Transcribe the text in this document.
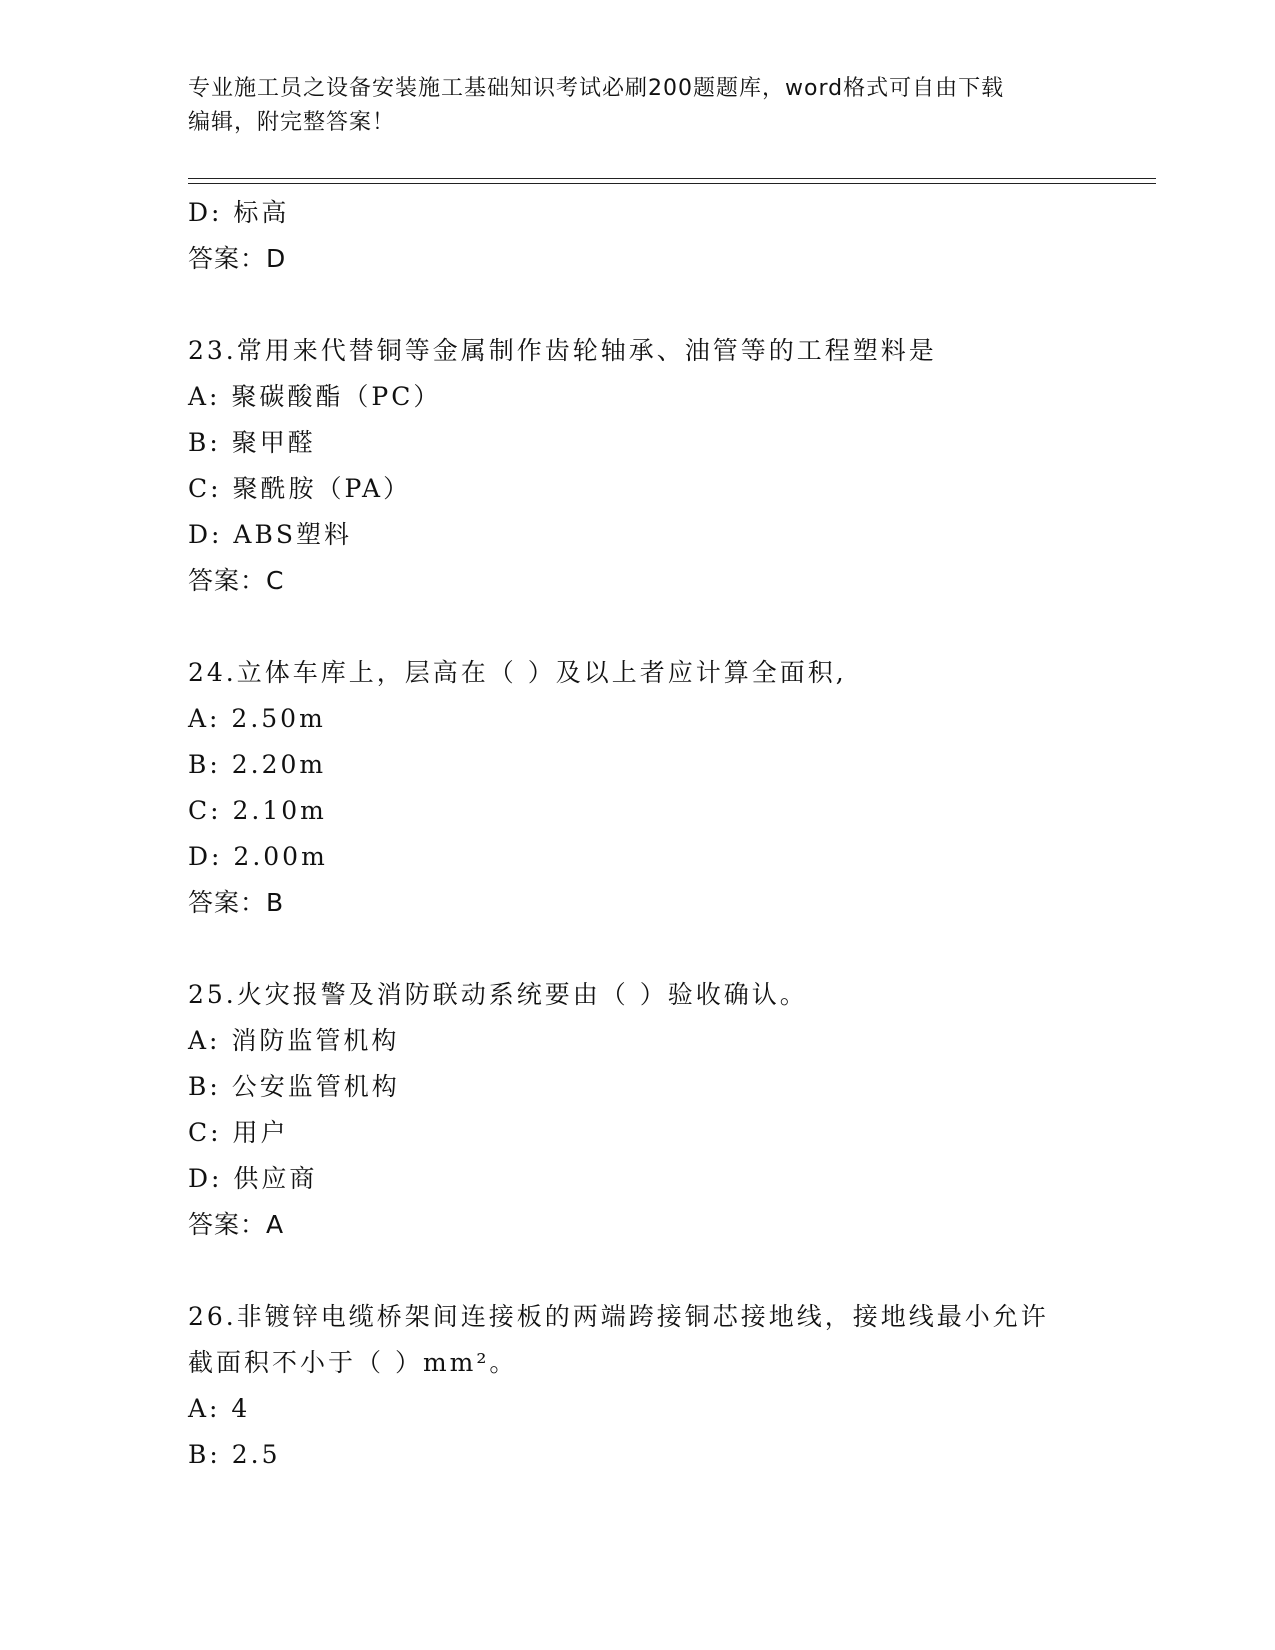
专业施工员之设备安装施工基础知识考试必刷200题题库，word格式可自由下载
编辑，附完整答案！
D: 标高
答案：D
23.常用来代替铜等金属制作齿轮轴承、油管等的工程塑料是
A: 聚碳酸酯（PC）
B: 聚甲醛
C: 聚酰胺（PA）
D: ABS塑料
答案：C
24.立体车库上，层高在（ ）及以上者应计算全面积,
A: 2.50m
B: 2.20m
C: 2.10m
D: 2.00m
答案：B
25.火灾报警及消防联动系统要由（ ）验收确认。
A: 消防监管机构
B: 公安监管机构
C: 用户
D: 供应商
答案：A
26.非镀锌电缆桥架间连接板的两端跨接铜芯接地线，接地线最小允许
截面积不小于（ ）mm²。
A: 4
B: 2.5
